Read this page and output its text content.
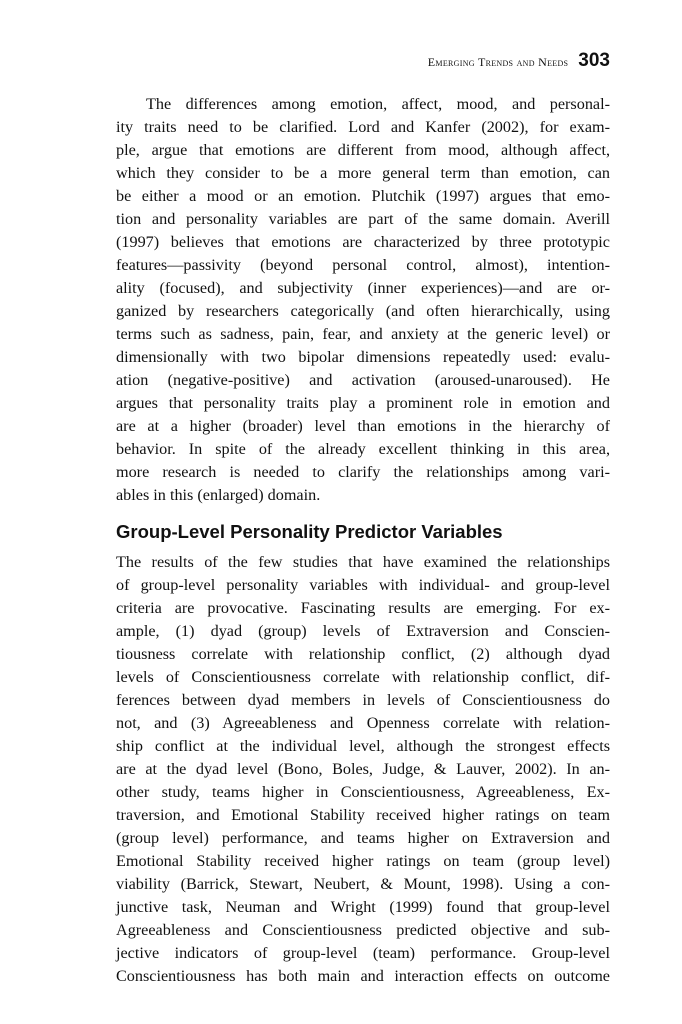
Emerging Trends and Needs 303
The differences among emotion, affect, mood, and personal-
ity traits need to be clarified. Lord and Kanfer (2002), for exam-
ple, argue that emotions are different from mood, although affect,
which they consider to be a more general term than emotion, can
be either a mood or an emotion. Plutchik (1997) argues that emo-
tion and personality variables are part of the same domain. Averill
(1997) believes that emotions are characterized by three prototypic
features—passivity (beyond personal control, almost), intention-
ality (focused), and subjectivity (inner experiences)—and are or-
ganized by researchers categorically (and often hierarchically, using
terms such as sadness, pain, fear, and anxiety at the generic level) or
dimensionally with two bipolar dimensions repeatedly used: evalu-
ation (negative-positive) and activation (aroused-unaroused). He
argues that personality traits play a prominent role in emotion and
are at a higher (broader) level than emotions in the hierarchy of
behavior. In spite of the already excellent thinking in this area,
more research is needed to clarify the relationships among vari-
ables in this (enlarged) domain.
Group-Level Personality Predictor Variables
The results of the few studies that have examined the relationships
of group-level personality variables with individual- and group-level
criteria are provocative. Fascinating results are emerging. For ex-
ample, (1) dyad (group) levels of Extraversion and Conscien-
tiousness correlate with relationship conflict, (2) although dyad
levels of Conscientiousness correlate with relationship conflict, dif-
ferences between dyad members in levels of Conscientiousness do
not, and (3) Agreeableness and Openness correlate with relation-
ship conflict at the individual level, although the strongest effects
are at the dyad level (Bono, Boles, Judge, & Lauver, 2002). In an-
other study, teams higher in Conscientiousness, Agreeableness, Ex-
traversion, and Emotional Stability received higher ratings on team
(group level) performance, and teams higher on Extraversion and
Emotional Stability received higher ratings on team (group level)
viability (Barrick, Stewart, Neubert, & Mount, 1998). Using a con-
junctive task, Neuman and Wright (1999) found that group-level
Agreeableness and Conscientiousness predicted objective and sub-
jective indicators of group-level (team) performance. Group-level
Conscientiousness has both main and interaction effects on outcome
